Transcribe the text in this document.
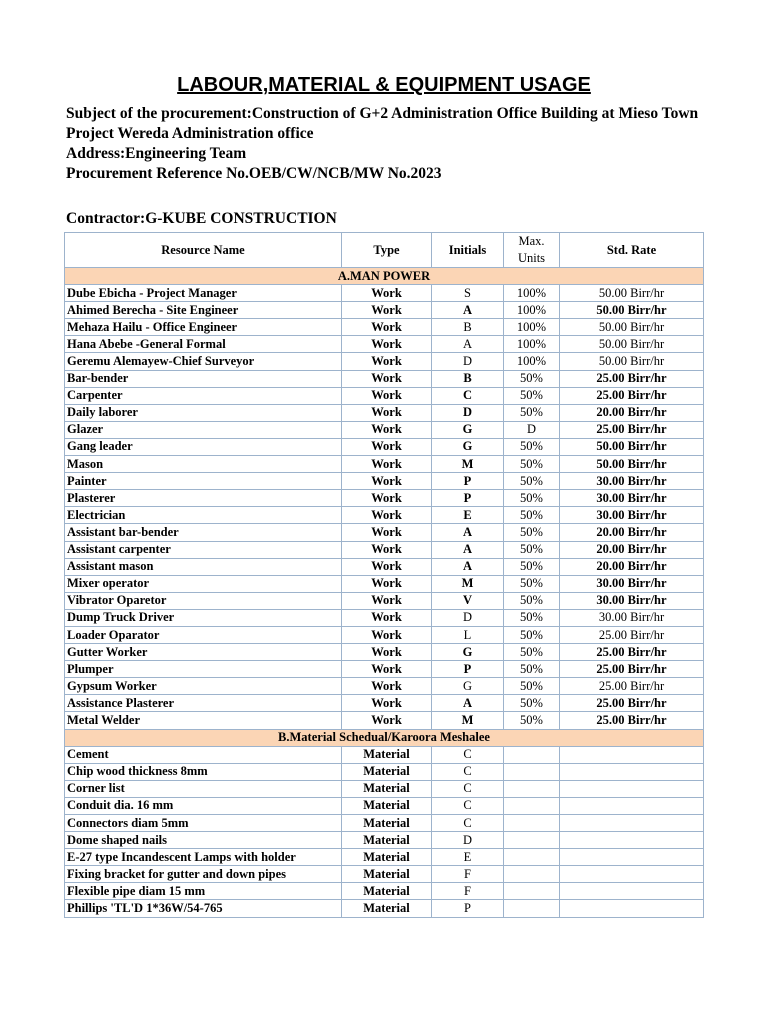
LABOUR,MATERIAL & EQUIPMENT USAGE

Subject of the procurement:Construction of G+2 Administration Office Building at Mieso Town

Project Wereda Administration office

Address:Engineering Team

Procurement Reference No.OEB/CW/NCB/MW No.2023

Contractor:G-KUBE CONSTRUCTION
Resource Name	Type	Initials	Max. Units	Std. Rate
A.MAN POWER				
Dube Ebicha - Project Manager	Work	S	100%	50.00 Birr/hr
Ahimed Berecha - Site Engineer	Work	A	100%	50.00 Birr/hr
Mehaza Hailu - Office Engineer	Work	B	100%	50.00 Birr/hr
Hana Abebe -General Formal	Work	A	100%	50.00 Birr/hr
Geremu Alemayew-Chief Surveyor	Work	D	100%	50.00 Birr/hr
Bar-bender	Work	B	50%	25.00 Birr/hr
Carpenter	Work	C	50%	25.00 Birr/hr
Daily laborer	Work	D	50%	20.00 Birr/hr
Glazer	Work	G	D	25.00 Birr/hr
Gang leader	Work	G	50%	50.00 Birr/hr
Mason	Work	M	50%	50.00 Birr/hr
Painter	Work	P	50%	30.00 Birr/hr
Plasterer	Work	P	50%	30.00 Birr/hr
Electrician	Work	E	50%	30.00 Birr/hr
Assistant bar-bender	Work	A	50%	20.00 Birr/hr
Assistant carpenter	Work	A	50%	20.00 Birr/hr
Assistant mason	Work	A	50%	20.00 Birr/hr
Mixer operator	Work	M	50%	30.00 Birr/hr
Vibrator Oparetor	Work	V	50%	30.00 Birr/hr
Dump Truck Driver	Work	D	50%	30.00 Birr/hr
Loader Oparator	Work	L	50%	25.00 Birr/hr
Gutter Worker	Work	G	50%	25.00 Birr/hr
Plumper	Work	P	50%	25.00 Birr/hr
Gypsum Worker	Work	G	50%	25.00 Birr/hr
Assistance Plasterer	Work	A	50%	25.00 Birr/hr
Metal Welder	Work	M	50%	25.00 Birr/hr
B.Material Schedual/Karoora Meshalee				
Cement	Material	C		
Chip wood thickness 8mm	Material	C		
Corner list	Material	C		
Conduit dia. 16 mm	Material	C		
Connectors diam 5mm	Material	C		
Dome shaped nails	Material	D		
E-27 type Incandescent Lamps with holder	Material	E		
Fixing bracket for gutter and down pipes	Material	F		
Flexible pipe diam 15 mm	Material	F		
Phillips 'TL'D 1*36W/54-765	Material	P		
